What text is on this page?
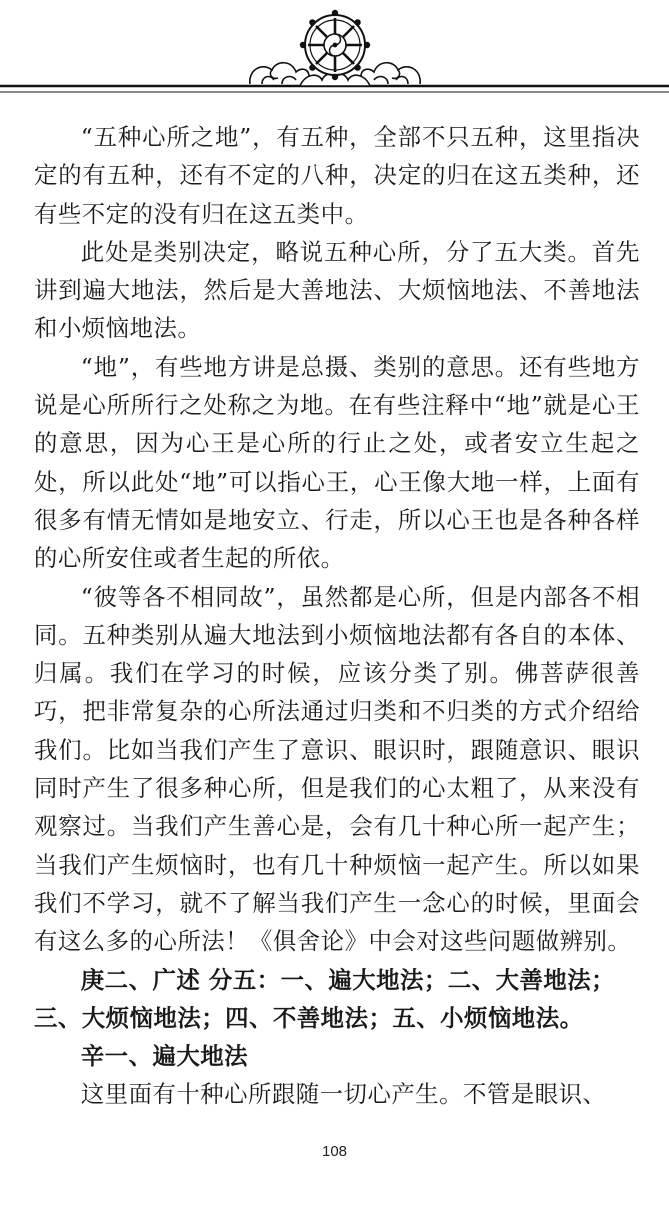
“五种心所之地”，有五种，全部不只五种，这里指决定的有五种，还有不定的八种，决定的归在这五类种，还有些不定的没有归在这五类中。

此处是类别决定，略说五种心所，分了五大类。首先讲到遍大地法，然后是大善地法、大烦恼地法、不善地法和小烦恼地法。

“地”，有些地方讲是总摄、类别的意思。还有些地方说是心所所行之处称之为地。在有些注释中“地”就是心王的意思，因为心王是心所的行止之处，或者安立生起之处，所以此处“地”可以指心王，心王像大地一样，上面有很多有情无情如是地安立、行走，所以心王也是各种各样的心所安住或者生起的所依。

“彼等各不相同故”，虽然都是心所，但是内部各不相同。五种类别从遍大地法到小烦恼地法都有各自的本体、归属。我们在学习的时候，应该分类了别。佛菩萨很善巧，把非常复杂的心所法通过归类和不归类的方式介绍给我们。比如当我们产生了意识、眼识时，跟随意识、眼识同时产生了很多种心所，但是我们的心太粗了，从来没有观察过。当我们产生善心是，会有几十种心所一起产生；当我们产生烦恼时，也有几十种烦恼一起产生。所以如果我们不学习，就不了解当我们产生一念心的时候，里面会有这么多的心所法！《俱舍论》中会对这些问题做辨别。

庚二、广述 分五：一、遍大地法；二、大善地法；三、大烦恼地法；四、不善地法；五、小烦恼地法。

辛一、遍大地法

这里面有十种心所跟随一切心产生。不管是眼识、

108
